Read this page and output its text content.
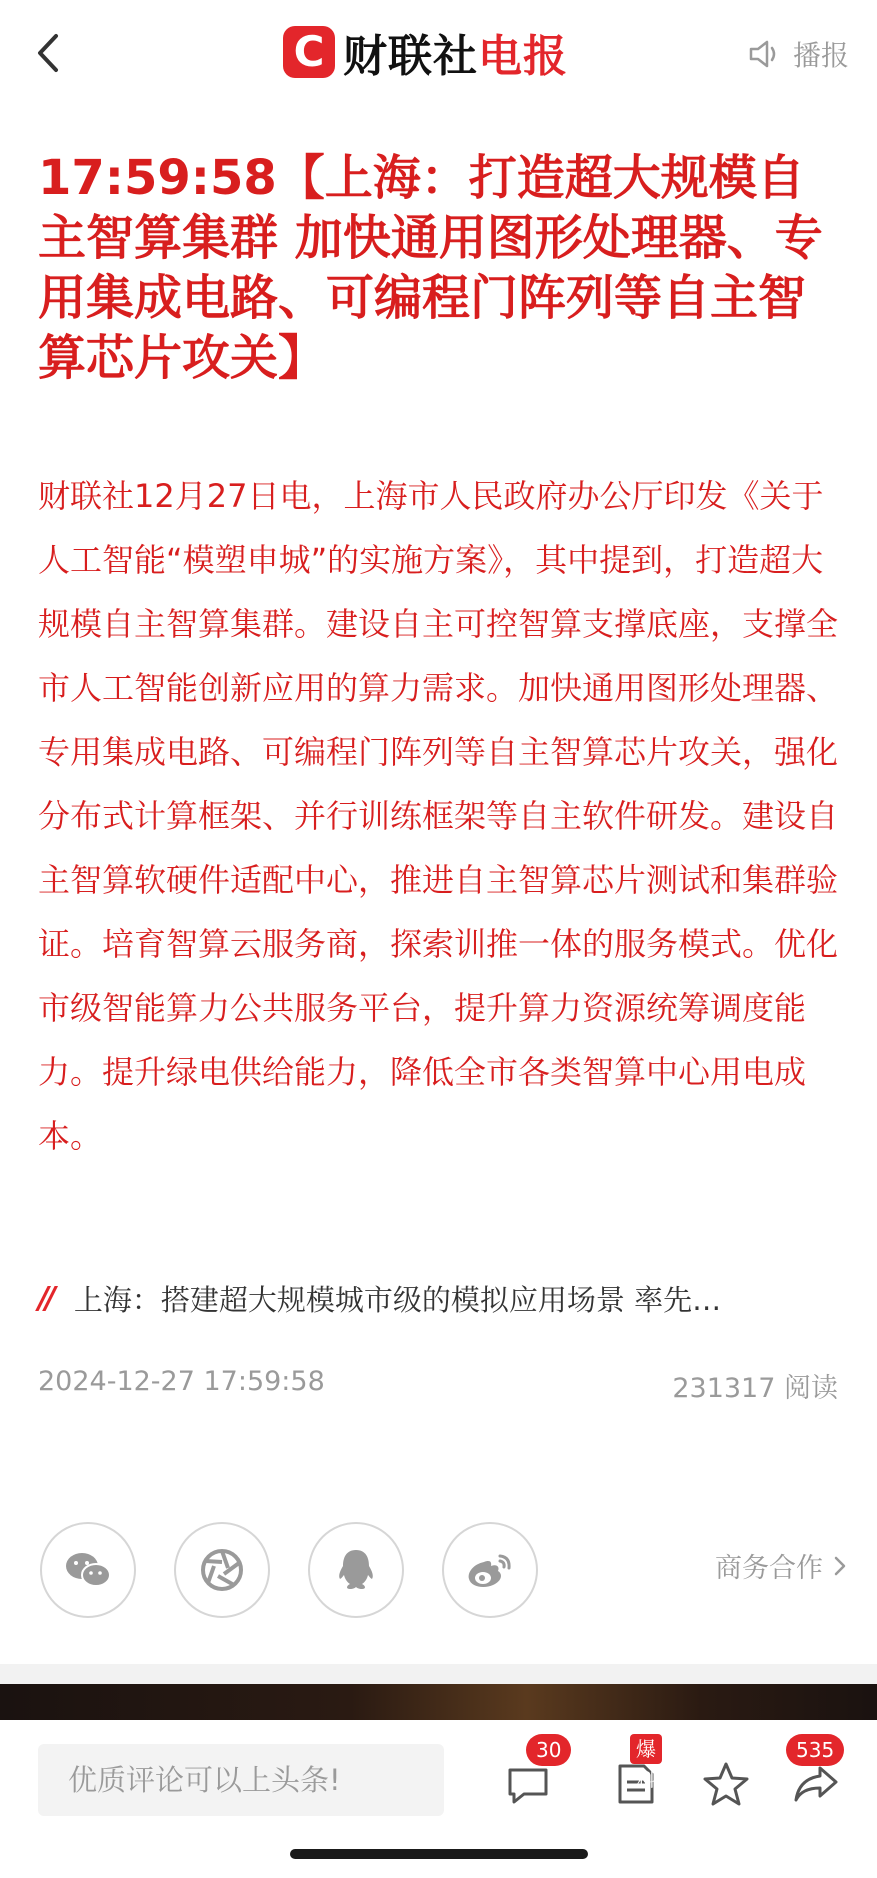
C 财联社电报	播报
17:59:58【上海：打造超大规模自主智算集群 加快通用图形处理器、专用集成电路、可编程门阵列等自主智算芯片攻关】
财联社12月27日电，上海市人民政府办公厅印发《关于人工智能“模塑申城”的实施方案》，其中提到，打造超大规模自主智算集群。建设自主可控智算支撑底座，支撑全市人工智能创新应用的算力需求。加快通用图形处理器、专用集成电路、可编程门阵列等自主智算芯片攻关，强化分布式计算框架、并行训练框架等自主软件研发。建设自主智算软硬件适配中心，推进自主智算芯片测试和集群验证。培育智算云服务商，探索训推一体的服务模式。优化市级智能算力公共服务平台，提升算力资源统筹调度能力。提升绿电供给能力，降低全市各类智算中心用电成本。
// 上海：搭建超大规模城市级的模拟应用场景 率先…
2024-12-27 17:59:58	231317 阅读
商务合作
优质评论可以上头条!
30	爆料
535
